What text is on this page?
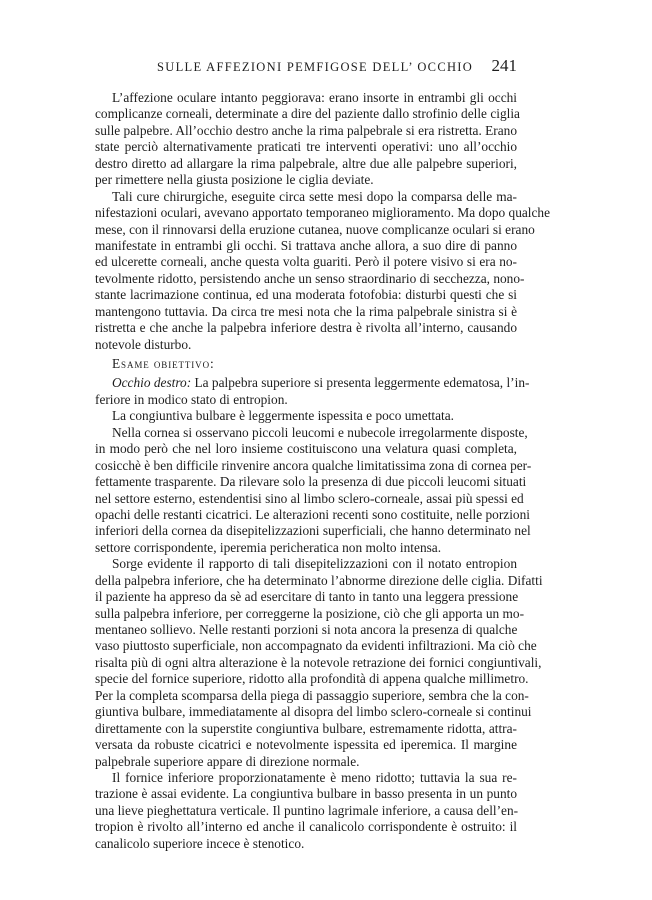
SULLE AFFEZIONI PEMFIGOSE DELL’ OCCHIO 241
L’affezione oculare intanto peggiorava: erano insorte in entrambi gli occhi
complicanze corneali, determinate a dire del paziente dallo strofinio delle ciglia
sulle palpebre. All’occhio destro anche la rima palpebrale si era ristretta. Erano
state perciò alternativamente praticati tre interventi operativi: uno all’occhio
destro diretto ad allargare la rima palpebrale, altre due alle palpebre superiori,
per rimettere nella giusta posizione le ciglia deviate.
Tali cure chirurgiche, eseguite circa sette mesi dopo la comparsa delle ma-
nifestazioni oculari, avevano apportato temporaneo miglioramento. Ma dopo qualche
mese, con il rinnovarsi della eruzione cutanea, nuove complicanze oculari si erano
manifestate in entrambi gli occhi. Si trattava anche allora, a suo dire di panno
ed ulcerette corneali, anche questa volta guariti. Però il potere visivo si era no-
tevolmente ridotto, persistendo anche un senso straordinario di secchezza, nono-
stante lacrimazione continua, ed una moderata fotofobia: disturbi questi che si
mantengono tuttavia. Da circa tre mesi nota che la rima palpebrale sinistra si è
ristretta e che anche la palpebra inferiore destra è rivolta all’interno, causando
notevole disturbo.
Esame obiettivo:
Occhio destro: La palpebra superiore si presenta leggermente edematosa, l’in-
feriore in modico stato di entropion.
La congiuntiva bulbare è leggermente ispessita e poco umettata.
Nella cornea si osservano piccoli leucomi e nubecole irregolarmente disposte,
in modo però che nel loro insieme costituiscono una velatura quasi completa,
cosicchè è ben difficile rinvenire ancora qualche limitatissima zona di cornea per-
fettamente trasparente. Da rilevare solo la presenza di due piccoli leucomi situati
nel settore esterno, estendentisi sino al limbo sclero-corneale, assai più spessi ed
opachi delle restanti cicatrici. Le alterazioni recenti sono costituite, nelle porzioni
inferiori della cornea da disepitelizzazioni superficiali, che hanno determinato nel
settore corrispondente, iperemia pericheratica non molto intensa.
Sorge evidente il rapporto di tali disepitelizzazioni con il notato entropion
della palpebra inferiore, che ha determinato l’abnorme direzione delle ciglia. Difatti
il paziente ha appreso da sè ad esercitare di tanto in tanto una leggera pressione
sulla palpebra inferiore, per correggerne la posizione, ciò che gli apporta un mo-
mentaneo sollievo. Nelle restanti porzioni si nota ancora la presenza di qualche
vaso piuttosto superficiale, non accompagnato da evidenti infiltrazioni. Ma ciò che
risalta più di ogni altra alterazione è la notevole retrazione dei fornici congiuntivali,
specie del fornice superiore, ridotto alla profondità di appena qualche millimetro.
Per la completa scomparsa della piega di passaggio superiore, sembra che la con-
giuntiva bulbare, immediatamente al disopra del limbo sclero-corneale si continui
direttamente con la superstite congiuntiva bulbare, estremamente ridotta, attra-
versata da robuste cicatrici e notevolmente ispessita ed iperemica. Il margine
palpebrale superiore appare di direzione normale.
Il fornice inferiore proporzionatamente è meno ridotto; tuttavia la sua re-
trazione è assai evidente. La congiuntiva bulbare in basso presenta in un punto
una lieve pieghettatura verticale. Il puntino lagrimale inferiore, a causa dell’en-
tropion è rivolto all’interno ed anche il canalicolo corrispondente è ostruito: il
canalicolo superiore incece è stenotico.
